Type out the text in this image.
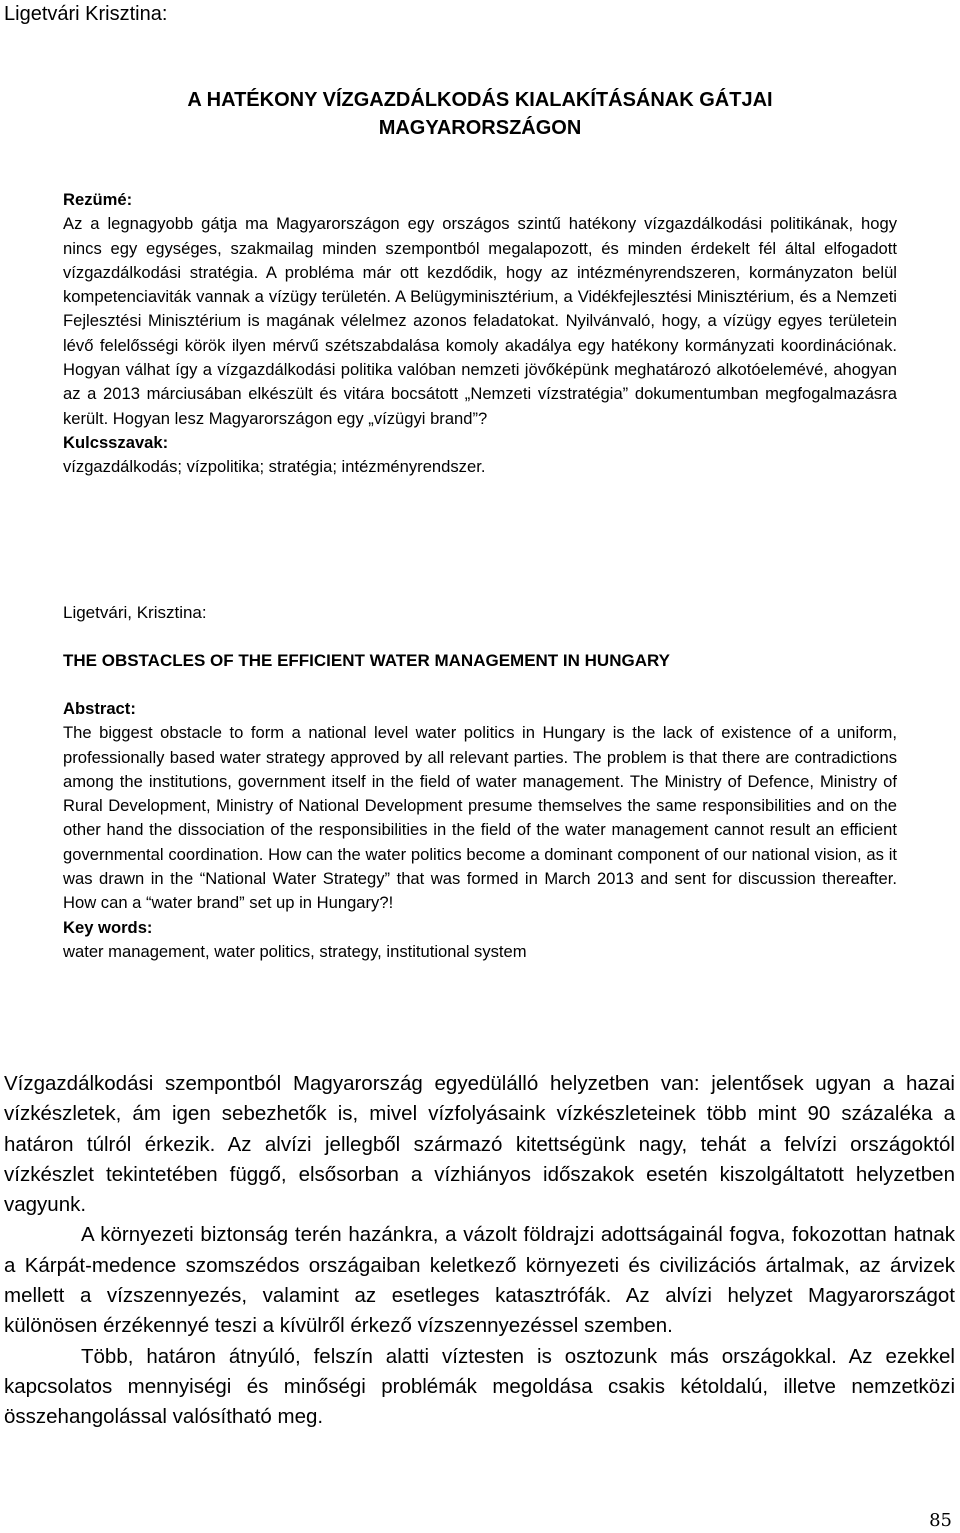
Ligetvári Krisztina:
A HATÉKONY VÍZGAZDÁLKODÁS KIALAKÍTÁSÁNAK GÁTJAI
MAGYARORSZÁGON

Rezümé:

Az a legnagyobb gátja ma Magyarországon egy országos szintű hatékony vízgazdálkodási politikának, hogy nincs egy egységes, szakmailag minden szempontból megalapozott, és minden érdekelt fél által elfogadott vízgazdálkodási stratégia. A probléma már ott kezdődik, hogy az intézményrendszeren, kormányzaton belül kompetenciaviták vannak a vízügy területén. A Belügyminisztérium, a Vidékfejlesztési Minisztérium, és a Nemzeti Fejlesztési Minisztérium is magának vélelmez azonos feladatokat. Nyilvánvaló, hogy, a vízügy egyes területein lévő felelősségi körök ilyen mérvű szétszabdalása komoly akadálya egy hatékony kormányzati koordinációnak. Hogyan válhat így a vízgazdálkodási politika valóban nemzeti jövőképünk meghatározó alkotóelemévé, ahogyan az a 2013 márciusában elkészült és vitára bocsátott „Nemzeti vízstratégia” dokumentumban megfogalmazásra került. Hogyan lesz Magyarországon egy „vízügyi brand”?

Kulcsszavak:

vízgazdálkodás; vízpolitika; stratégia; intézményrendszer.

Ligetvári, Krisztina:
THE OBSTACLES OF THE EFFICIENT WATER MANAGEMENT IN HUNGARY

Abstract:

The biggest obstacle to form a national level water politics in Hungary is the lack of existence of a uniform, professionally based water strategy approved by all relevant parties. The problem is that there are contradictions among the institutions, government itself in the field of water management. The Ministry of Defence, Ministry of Rural Development, Ministry of National Development presume themselves the same responsibilities and on the other hand the dissociation of the responsibilities in the field of the water management cannot result an efficient governmental coordination. How can the water politics become a dominant component of our national vision, as it was drawn in the “National Water Strategy” that was formed in March 2013 and sent for discussion thereafter. How can a “water brand” set up in Hungary?!

Key words:

water management, water politics, strategy, institutional system

Vízgazdálkodási szempontból Magyarország egyedülálló helyzetben van: jelentősek ugyan a hazai vízkészletek, ám igen sebezhetők is, mivel vízfolyásaink vízkészleteinek több mint 90 százaléka a határon túlról érkezik. Az alvízi jellegből származó kitettségünk nagy, tehát a felvízi országoktól vízkészlet tekintetében függő, elsősorban a vízhiányos időszakok esetén kiszolgáltatott helyzetben vagyunk.

A környezeti biztonság terén hazánkra, a vázolt földrajzi adottságainál fogva, fokozottan hatnak a Kárpát-medence szomszédos országaiban keletkező környezeti és civilizációs ártalmak, az árvizek mellett a vízszennyezés, valamint az esetleges katasztrófák. Az alvízi helyzet Magyarországot különösen érzékennyé teszi a kívülről érkező vízszennyezéssel szemben.

Több, határon átnyúló, felszín alatti víztesten is osztozunk más országokkal. Az ezekkel kapcsolatos mennyiségi és minőségi problémák megoldása csakis kétoldalú, illetve nemzetközi összehangolással valósítható meg.

85
